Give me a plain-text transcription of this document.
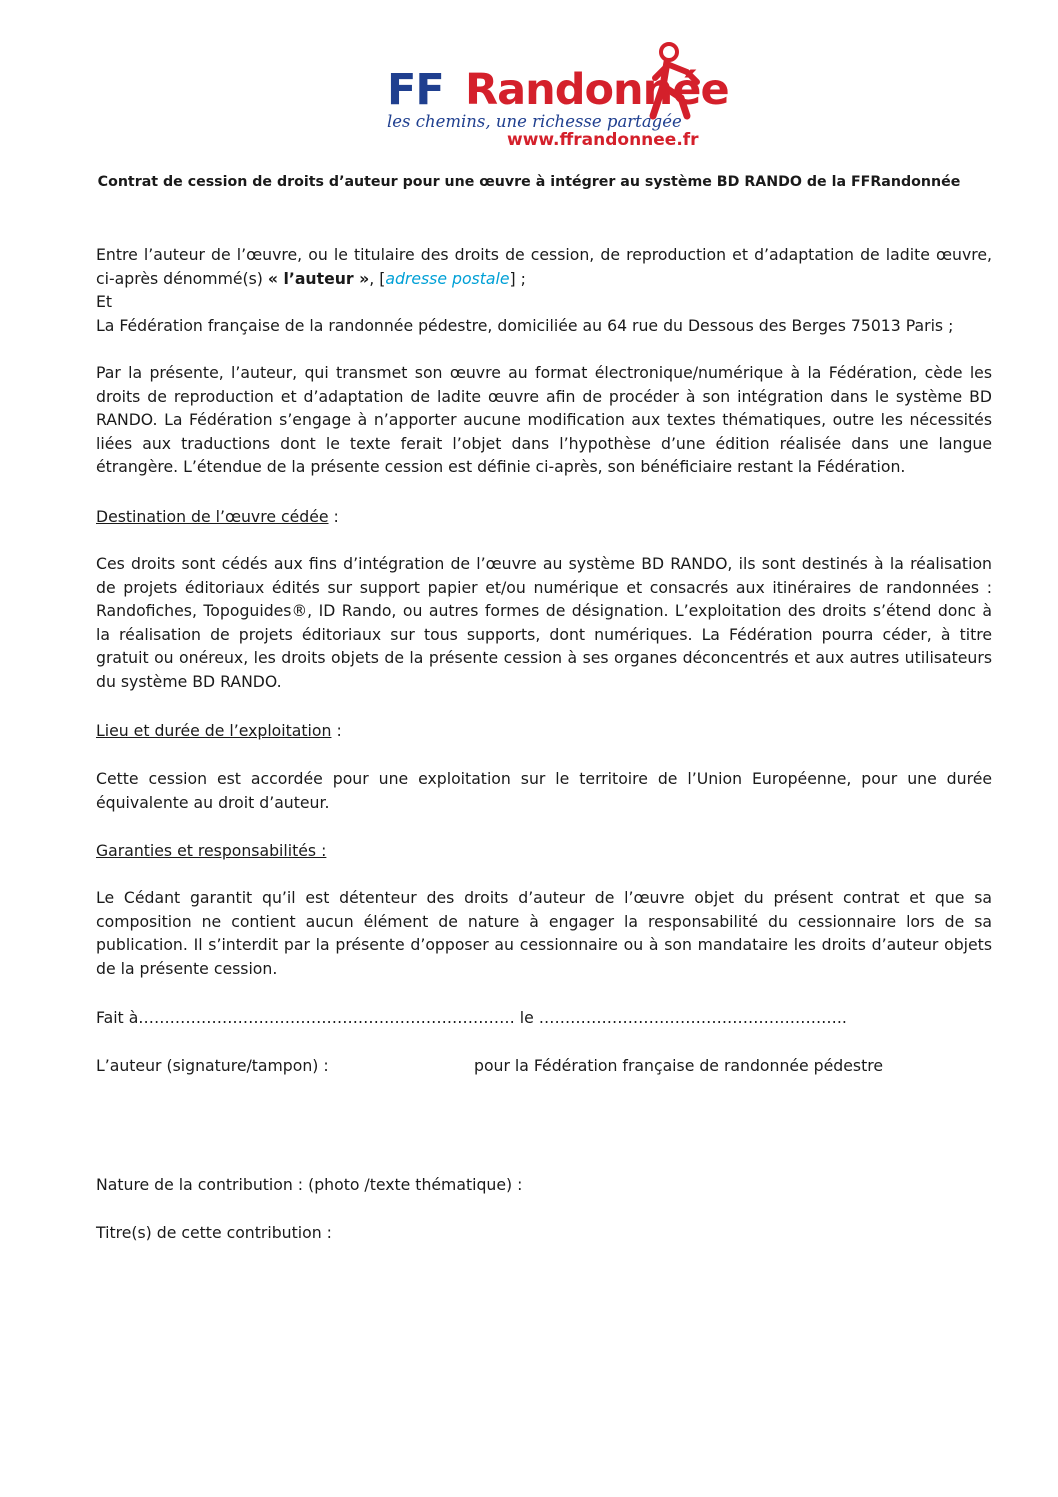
FF Randonnée
les chemins, une richesse partagée
www.ffrandonnee.fr
Contrat de cession de droits d’auteur pour une œuvre à intégrer au système BD RANDO de la FFRandonnée
Entre l’auteur de l’œuvre, ou le titulaire des droits de cession, de reproduction et d’adaptation de ladite œuvre,
ci-après dénommé(s) « l’auteur », [adresse postale] ;
Et
La Fédération française de la randonnée pédestre, domiciliée au 64 rue du Dessous des Berges 75013 Paris ;
Par la présente, l’auteur, qui transmet son œuvre au format électronique/numérique à la Fédération, cède les
droits de reproduction et d’adaptation de ladite œuvre afin de procéder à son intégration dans le système BD
RANDO. La Fédération s’engage à n’apporter aucune modification aux textes thématiques, outre les nécessités
liées aux traductions dont le texte ferait l’objet dans l’hypothèse d’une édition réalisée dans une langue
étrangère. L’étendue de la présente cession est définie ci-après, son bénéficiaire restant la Fédération.
Destination de l’œuvre cédée :
Ces droits sont cédés aux fins d’intégration de l’œuvre au système BD RANDO, ils sont destinés à la réalisation
de projets éditoriaux édités sur support papier et/ou numérique et consacrés aux itinéraires de randonnées :
Randofiches, Topoguides®, ID Rando, ou autres formes de désignation. L’exploitation des droits s’étend donc à
la réalisation de projets éditoriaux sur tous supports, dont numériques. La Fédération pourra céder, à titre
gratuit ou onéreux, les droits objets de la présente cession à ses organes déconcentrés et aux autres utilisateurs
du système BD RANDO.
Lieu et durée de l’exploitation :
Cette cession est accordée pour une exploitation sur le territoire de l’Union Européenne, pour une durée
équivalente au droit d’auteur.
Garanties et responsabilités :
Le Cédant garantit qu’il est détenteur des droits d’auteur de l’œuvre objet du présent contrat et que sa
composition ne contient aucun élément de nature à engager la responsabilité du cessionnaire lors de sa
publication. Il s’interdit par la présente d’opposer au cessionnaire ou à son mandataire les droits d’auteur objets
de la présente cession.
Fait à……………………………………………………………… le …………………………………………………..
L’auteur (signature/tampon) :	pour la Fédération française de randonnée pédestre
Nature de la contribution : (photo /texte thématique) :
Titre(s) de cette contribution :
